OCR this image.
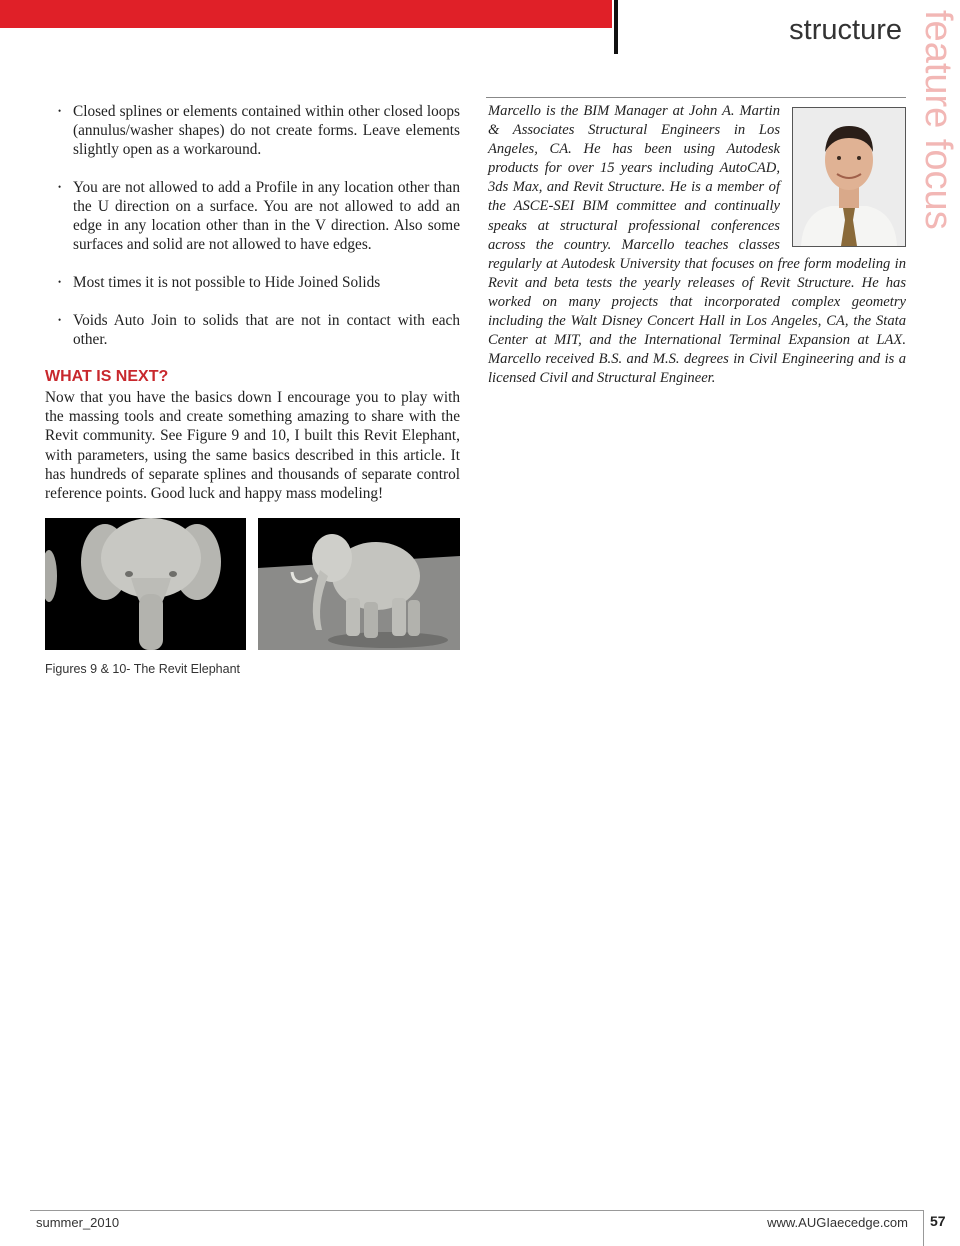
structure feature focus
• Closed splines or elements contained within other closed loops (annulus/washer shapes) do not create forms. Leave elements slightly open as a workaround.
• You are not allowed to add a Profile in any location other than the U direction on a surface. You are not allowed to add an edge in any location other than in the V direction. Also some surfaces and solid are not allowed to have edges.
• Most times it is not possible to Hide Joined Solids
• Voids Auto Join to solids that are not in contact with each other.
WHAT IS NEXT?

Now that you have the basics down I encourage you to play with the massing tools and create something amazing to share with the Revit community. See Figure 9 and 10, I built this Revit Elephant, with parameters, using the same basics described in this article. It has hundreds of separate splines and thousands of separate control reference points. Good luck and happy mass modeling!

Figures 9 & 10- The Revit Elephant

Marcello is the BIM Manager at John A. Martin & Associates Structural Engineers in Los Angeles, CA. He has been using Autodesk products for over 15 years including AutoCAD, 3ds Max, and Revit Structure. He is a member of the ASCE-SEI BIM committee and continually speaks at structural professional conferences across the country. Marcello teaches classes regularly at Autodesk University that focuses on free form modeling in Revit and beta tests the yearly releases of Revit Structure. He has worked on many projects that incorporated complex geometry including the Walt Disney Concert Hall in Los Angeles, CA, the Stata Center at MIT, and the International Terminal Expansion at LAX. Marcello received B.S. and M.S. degrees in Civil Engineering and is a licensed Civil and Structural Engineer.

summer_2010	www.AUGIaecedge.com 57
